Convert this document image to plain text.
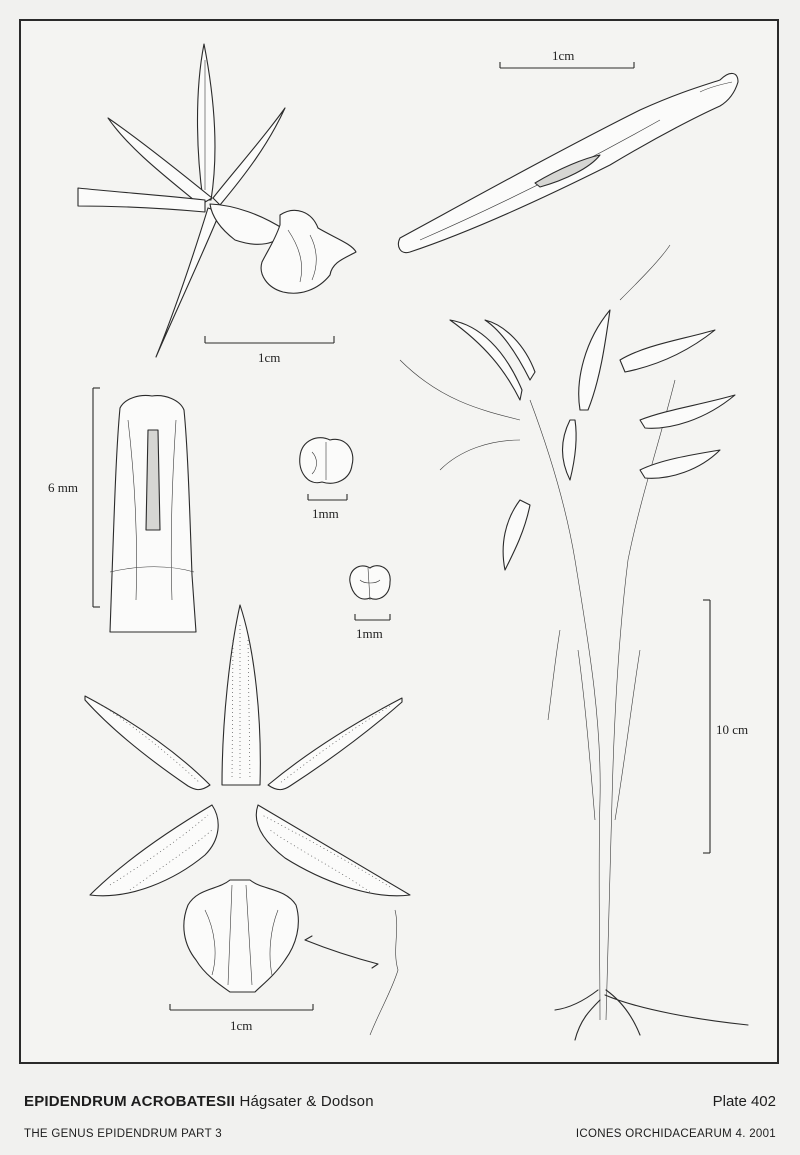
1cm
1cm
6 mm
1mm
1mm
1cm
10 cm
EPIDENDRUM ACROBATESII Hágsater & Dodson	Plate 402
THE GENUS EPIDENDRUM PART 3	ICONES ORCHIDACEARUM 4. 2001
